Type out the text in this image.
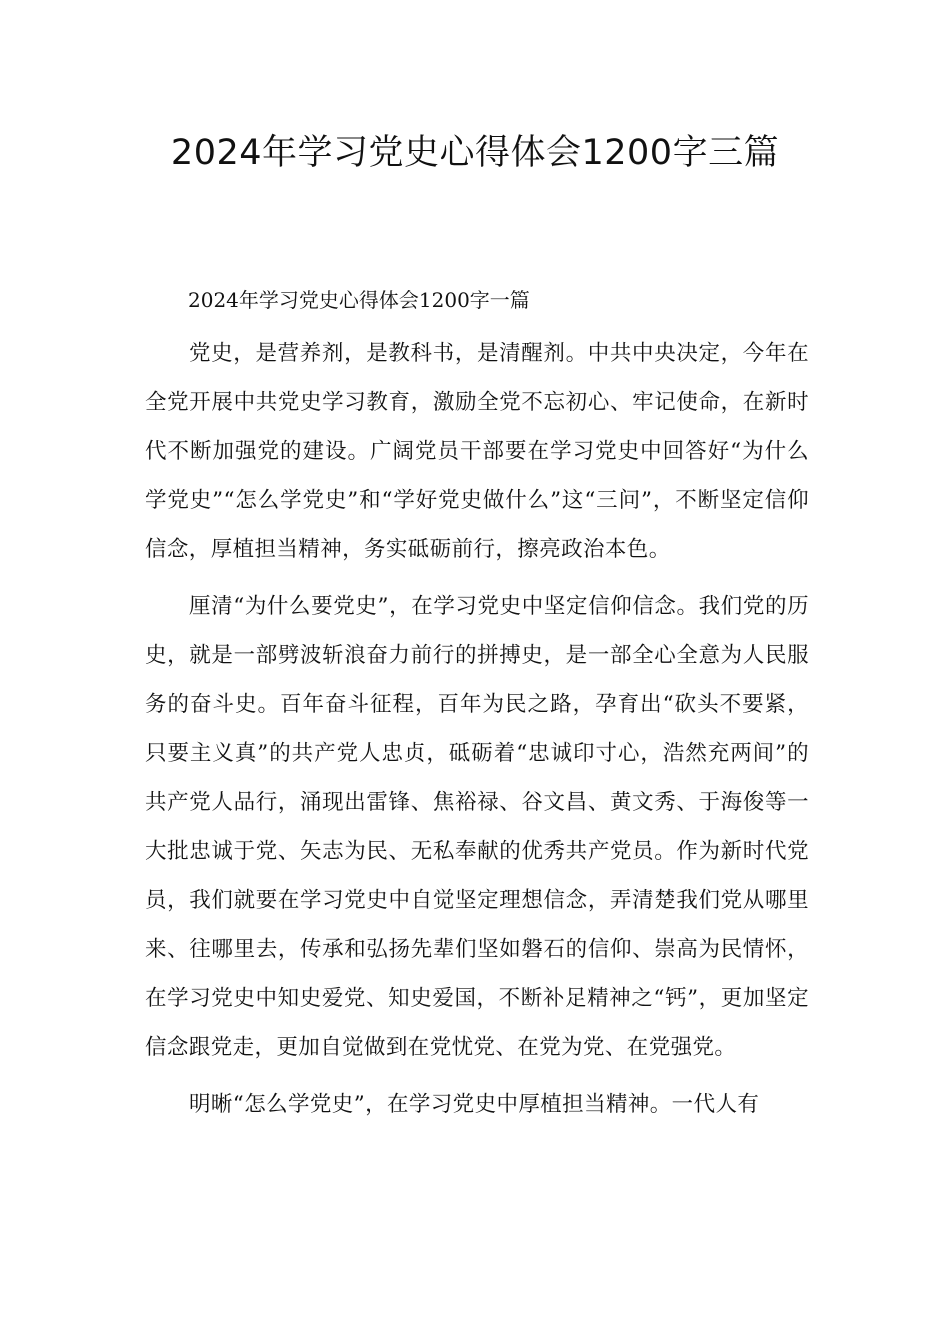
2024年学习党史心得体会1200字三篇

2024年学习党史心得体会1200字一篇

党史，是营养剂，是教科书，是清醒剂。中共中央决定，今年在全党开展中共党史学习教育，激励全党不忘初心、牢记使命，在新时代不断加强党的建设。广阔党员干部要在学习党史中回答好“为什么学党史”“怎么学党史”和“学好党史做什么”这“三问”，不断坚定信仰信念，厚植担当精神，务实砥砺前行，擦亮政治本色。

厘清“为什么要党史”，在学习党史中坚定信仰信念。我们党的历史，就是一部劈波斩浪奋力前行的拼搏史，是一部全心全意为人民服务的奋斗史。百年奋斗征程，百年为民之路，孕育出“砍头不要紧，只要主义真”的共产党人忠贞，砥砺着“忠诚印寸心，浩然充两间”的共产党人品行，涌现出雷锋、焦裕禄、谷文昌、黄文秀、于海俊等一大批忠诚于党、矢志为民、无私奉献的优秀共产党员。作为新时代党员，我们就要在学习党史中自觉坚定理想信念，弄清楚我们党从哪里来、往哪里去，传承和弘扬先辈们坚如磐石的信仰、崇高为民情怀，在学习党史中知史爱党、知史爱国，不断补足精神之“钙”，更加坚定信念跟党走，更加自觉做到在党忧党、在党为党、在党强党。

明晰“怎么学党史”，在学习党史中厚植担当精神。一代人有
